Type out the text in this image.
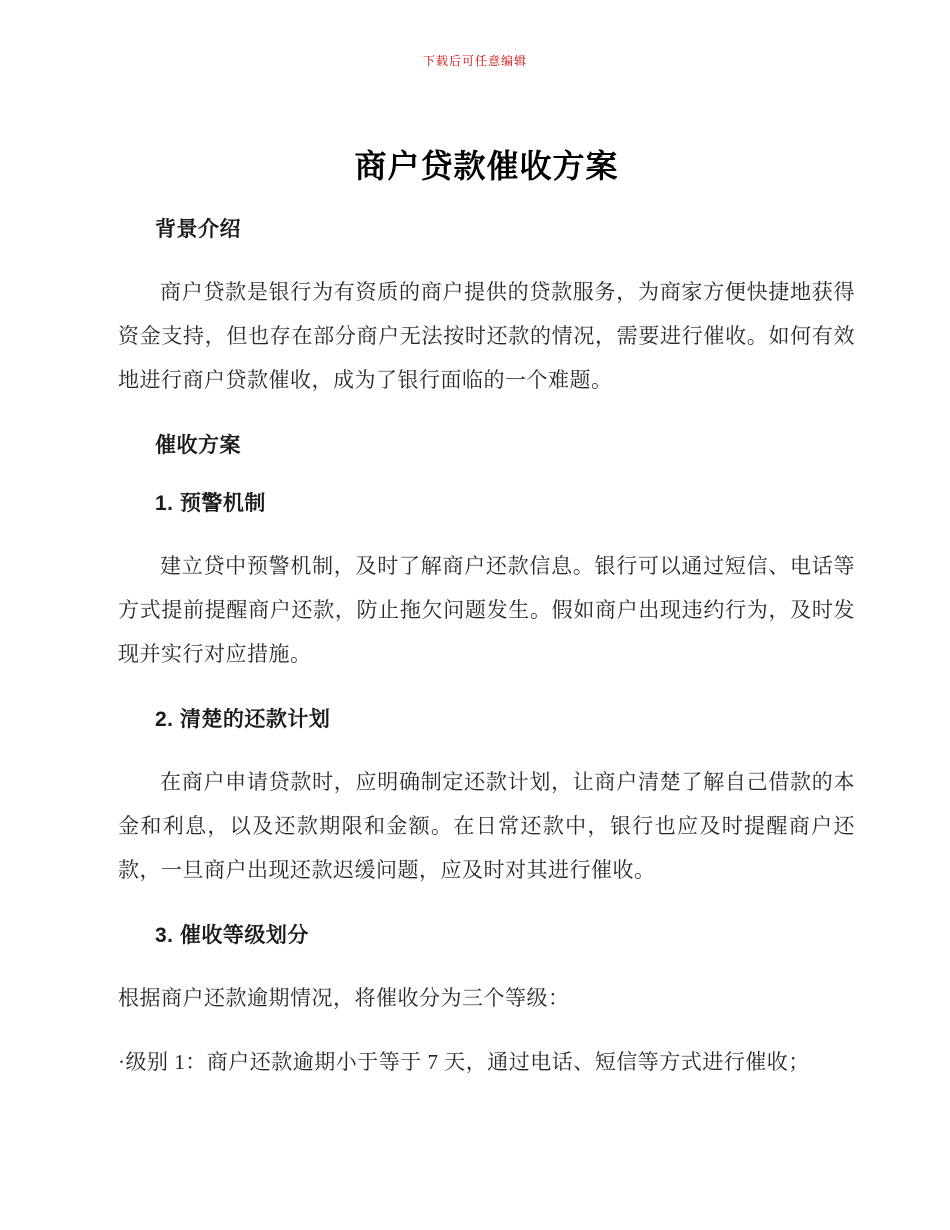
下载后可任意编辑
商户贷款催收方案
背景介绍

商户贷款是银行为有资质的商户提供的贷款服务，为商家方便快捷地获得资金支持，但也存在部分商户无法按时还款的情况，需要进行催收。如何有效地进行商户贷款催收，成为了银行面临的一个难题。

催收方案
1. 预警机制

建立贷中预警机制，及时了解商户还款信息。银行可以通过短信、电话等方式提前提醒商户还款，防止拖欠问题发生。假如商户出现违约行为，及时发现并实行对应措施。

2. 清楚的还款计划

在商户申请贷款时，应明确制定还款计划，让商户清楚了解自己借款的本金和利息，以及还款期限和金额。在日常还款中，银行也应及时提醒商户还款，一旦商户出现还款迟缓问题，应及时对其进行催收。

3. 催收等级划分

根据商户还款逾期情况，将催收分为三个等级：

·级别 1：商户还款逾期小于等于 7 天，通过电话、短信等方式进行催收；
